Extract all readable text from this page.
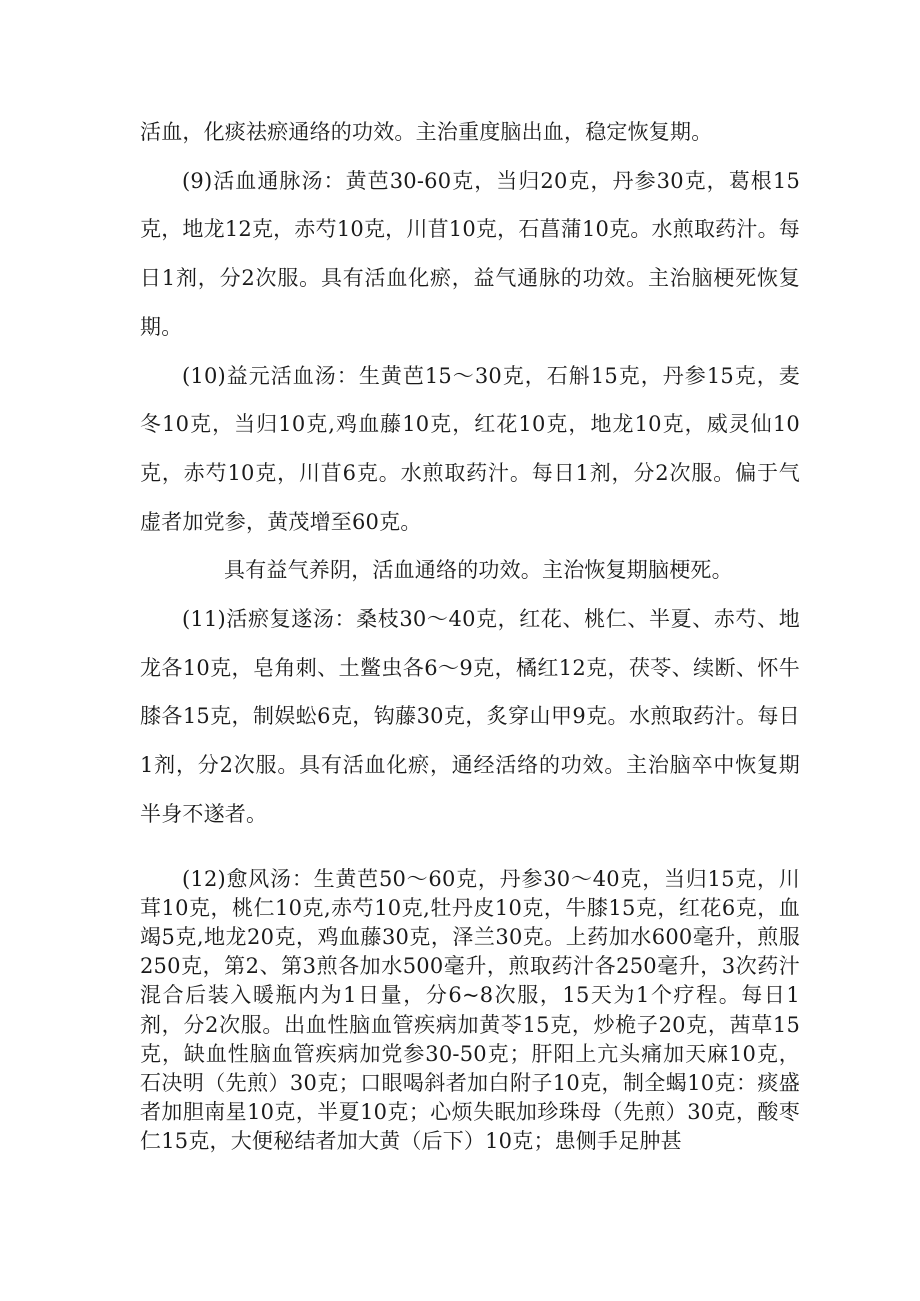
活血，化痰祛瘀通络的功效。主治重度脑出血，稳定恢复期。

(9)活血通脉汤：黄芭30-60克，当归20克，丹参30克，葛根15克，地龙12克，赤芍10克，川苜10克，石菖蒲10克。水煎取药汁。每日1剂，分2次服。具有活血化瘀，益气通脉的功效。主治脑梗死恢复期。

(10)益元活血汤：生黄芭15～30克，石斛15克，丹参15克，麦冬10克，当归10克,鸡血藤10克，红花10克，地龙10克，威灵仙10克，赤芍10克，川苜6克。水煎取药汁。每日1剂，分2次服。偏于气虚者加党参，黄茂增至60克。

具有益气养阴，活血通络的功效。主治恢复期脑梗死。

(11)活瘀复遂汤：桑枝30～40克，红花、桃仁、半夏、赤芍、地龙各10克，皂角刺、土鳖虫各6～9克，橘红12克，茯苓、续断、怀牛膝各15克，制娱蚣6克，钩藤30克，炙穿山甲9克。水煎取药汁。每日1剂，分2次服。具有活血化瘀，通经活络的功效。主治脑卒中恢复期半身不遂者。

(12)愈风汤：生黄芭50～60克，丹参30～40克，当归15克，川茸10克，桃仁10克,赤芍10克,牡丹皮10克，牛膝15克，红花6克，血竭5克,地龙20克，鸡血藤30克，泽兰30克。上药加水600毫升，煎服250克，第2、第3煎各加水500毫升，煎取药汁各250毫升，3次药汁混合后装入暖瓶内为1日量，分6~8次服，15天为1个疗程。每日1剂，分2次服。出血性脑血管疾病加黄苓15克，炒桅子20克，茜草15克，缺血性脑血管疾病加党参30-50克；肝阳上亢头痛加天麻10克，石决明（先煎）30克；口眼喝斜者加白附子10克，制全蝎10克：痰盛者加胆南星10克，半夏10克；心烦失眠加珍珠母（先煎）30克，酸枣仁15克，大便秘结者加大黄（后下）10克；患侧手足肿甚
